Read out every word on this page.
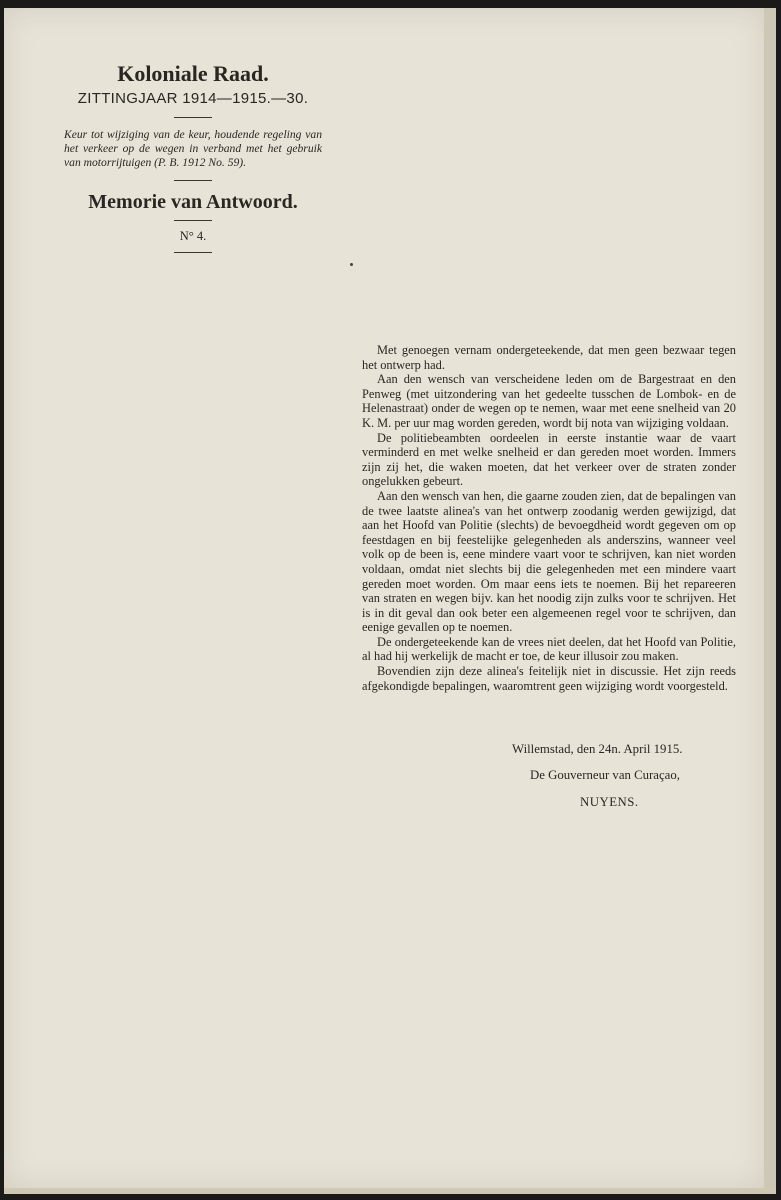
Koloniale Raad.

ZITTINGJAAR 1914—1915.—30.

Keur tot wijziging van de keur, houdende regeling van het verkeer op de wegen in verband met het gebruik van motorrijtuigen (P. B. 1912 No. 59).

Memorie van Antwoord.

N° 4.

Met genoegen vernam ondergeteekende, dat men geen bezwaar tegen het ontwerp had.

Aan den wensch van verscheidene leden om de Bargestraat en den Penweg (met uitzondering van het gedeelte tusschen de Lombok- en de Helenastraat) onder de wegen op te nemen, waar met eene snelheid van 20 K. M. per uur mag worden gereden, wordt bij nota van wijziging voldaan.

De politiebeambten oordeelen in eerste instantie waar de vaart verminderd en met welke snelheid er dan gereden moet worden. Immers zijn zij het, die waken moeten, dat het verkeer over de straten zonder ongelukken gebeurt.

Aan den wensch van hen, die gaarne zouden zien, dat de bepalingen van de twee laatste alinea's van het ontwerp zoodanig werden gewijzigd, dat aan het Hoofd van Politie (slechts) de bevoegdheid wordt gegeven om op feestdagen en bij feestelijke gelegenheden als anderszins, wanneer veel volk op de been is, eene mindere vaart voor te schrijven, kan niet worden voldaan, omdat niet slechts bij die gelegenheden met een mindere vaart gereden moet worden. Om maar eens iets te noemen. Bij het repareeren van straten en wegen bijv. kan het noodig zijn zulks voor te schrijven. Het is in dit geval dan ook beter een algemeenen regel voor te schrijven, dan eenige gevallen op te noemen.

De ondergeteekende kan de vrees niet deelen, dat het Hoofd van Politie, al had hij werkelijk de macht er toe, de keur illusoir zou maken.

Bovendien zijn deze alinea's feitelijk niet in discussie. Het zijn reeds afgekondigde bepalingen, waaromtrent geen wijziging wordt voorgesteld.

Willemstad, den 24n. April 1915.
De Gouverneur van Curaçao,
NUYENS.
